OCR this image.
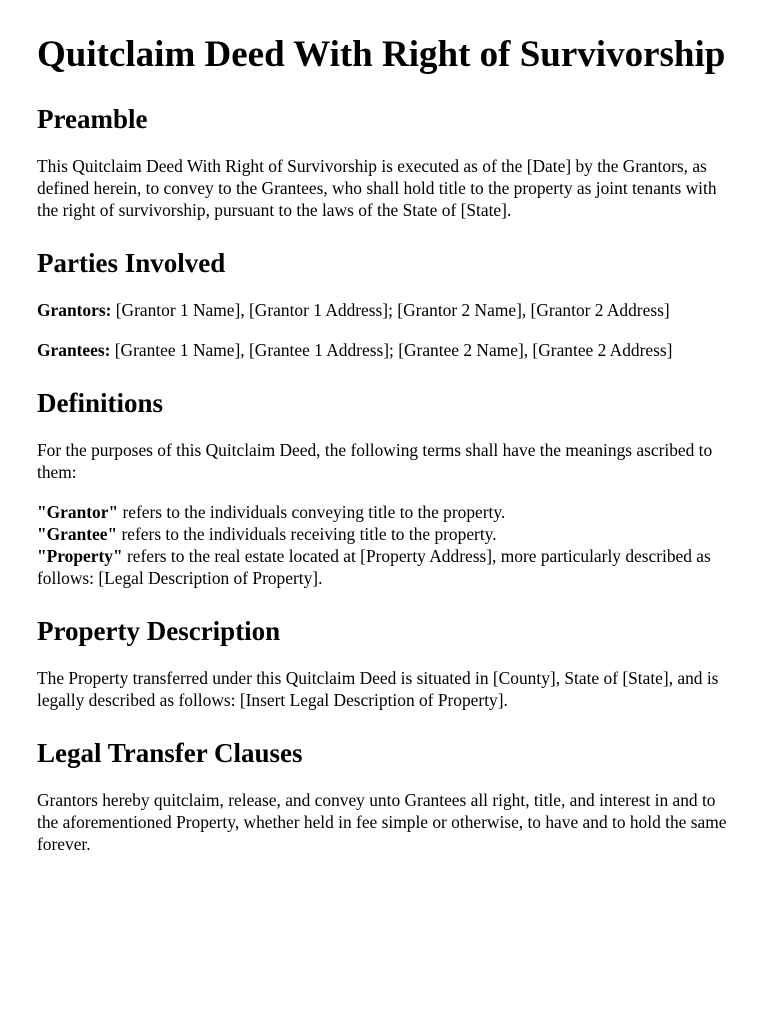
Quitclaim Deed With Right of Survivorship
Preamble

This Quitclaim Deed With Right of Survivorship is executed as of the [Date] by the Grantors, as defined herein, to convey to the Grantees, who shall hold title to the property as joint tenants with the right of survivorship, pursuant to the laws of the State of [State].

Parties Involved

Grantors: [Grantor 1 Name], [Grantor 1 Address]; [Grantor 2 Name], [Grantor 2 Address]

Grantees: [Grantee 1 Name], [Grantee 1 Address]; [Grantee 2 Name], [Grantee 2 Address]

Definitions

For the purposes of this Quitclaim Deed, the following terms shall have the meanings ascribed to them:

"Grantor" refers to the individuals conveying title to the property.
"Grantee" refers to the individuals receiving title to the property.
"Property" refers to the real estate located at [Property Address], more particularly described as follows: [Legal Description of Property].

Property Description

The Property transferred under this Quitclaim Deed is situated in [County], State of [State], and is legally described as follows: [Insert Legal Description of Property].

Legal Transfer Clauses

Grantors hereby quitclaim, release, and convey unto Grantees all right, title, and interest in and to the aforementioned Property, whether held in fee simple or otherwise, to have and to hold the same forever.
